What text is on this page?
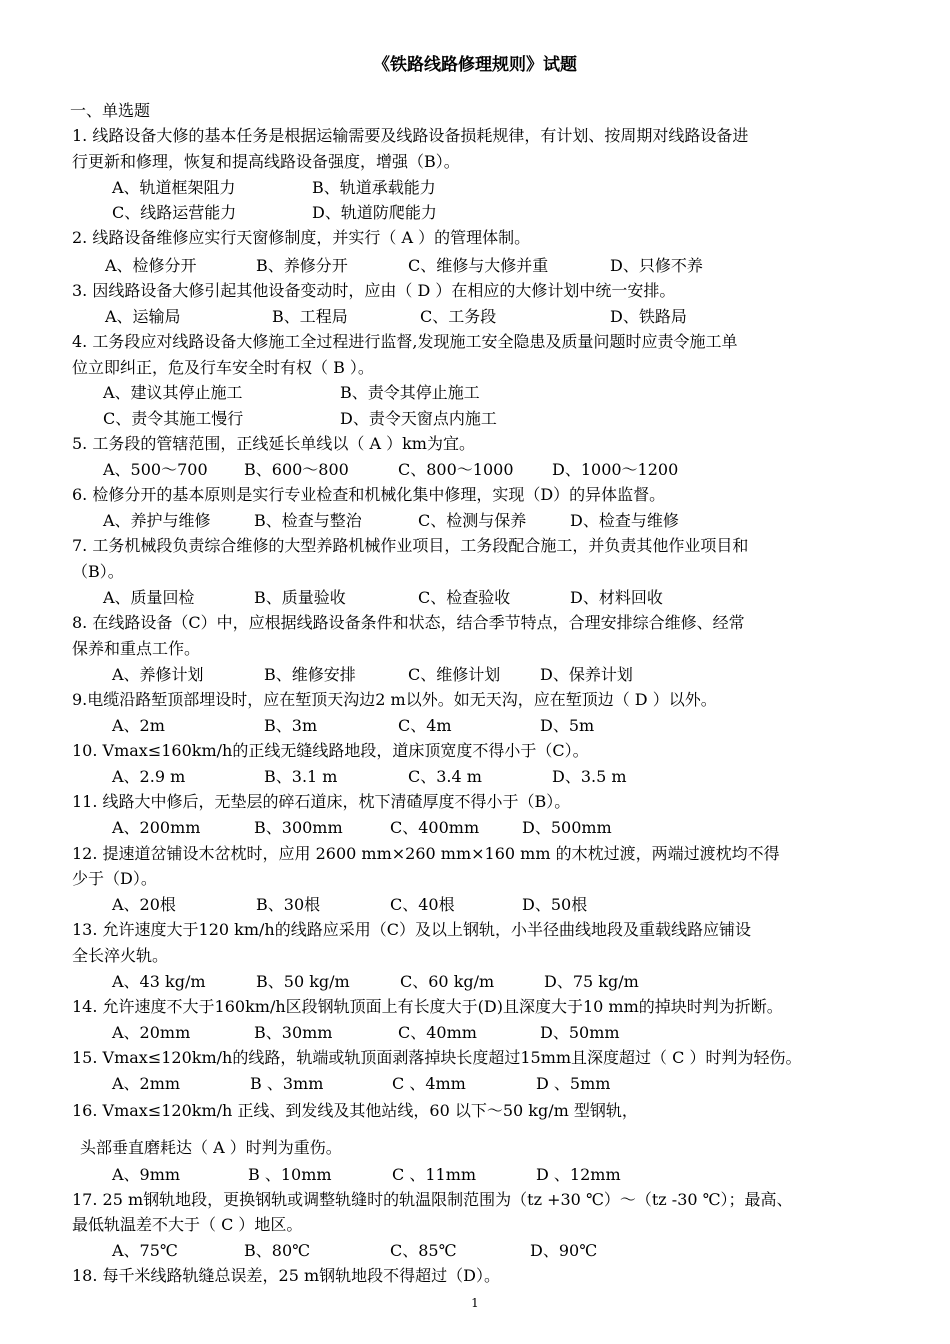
《铁路线路修理规则》试题
一、单选题
1. 线路设备大修的基本任务是根据运输需要及线路设备损耗规律，有计划、按周期对线路设备进
行更新和修理，恢复和提高线路设备强度，增强（B）。
A、轨道框架阻力	B、轨道承载能力
C、线路运营能力	D、轨道防爬能力
2. 线路设备维修应实行天窗修制度，并实行（ A ）的管理体制。
A、检修分开	B、养修分开	C、维修与大修并重	D、只修不养
3. 因线路设备大修引起其他设备变动时，应由（ D ）在相应的大修计划中统一安排。
A、运输局	B、工程局	C、工务段	D、铁路局
4. 工务段应对线路设备大修施工全过程进行监督,发现施工安全隐患及质量问题时应责令施工单
位立即纠正，危及行车安全时有权（ B ）。
A、建议其停止施工	B、责令其停止施工
C、责令其施工慢行	D、责令天窗点内施工
5. 工务段的管辖范围，正线延长单线以（ A ）km为宜。
A、500～700 B、600～800	C、800～1000 D、1000～1200
6. 检修分开的基本原则是实行专业检查和机械化集中修理，实现（D）的异体监督。
A、养护与维修	B、检查与整治	C、检测与保养	D、检查与维修
7. 工务机械段负责综合维修的大型养路机械作业项目，工务段配合施工，并负责其他作业项目和
（B）。
A、质量回检	B、质量验收	C、检查验收	D、材料回收
8. 在线路设备（C）中，应根据线路设备条件和状态，结合季节特点，合理安排综合维修、经常
保养和重点工作。
A、养修计划	B、维修安排	C、维修计划 D、保养计划
9.电缆沿路堑顶部埋设时，应在堑顶天沟边2 m以外。如无天沟，应在堑顶边（ D ）以外。
A、2m	B、3m	C、4m	D、5m
10. Vmax≤160km/h的正线无缝线路地段，道床顶宽度不得小于（C）。
A、2.9 m	B、3.1 m	C、3.4 m	D、3.5 m
11. 线路大中修后，无垫层的碎石道床，枕下清碴厚度不得小于（B）。
A、200mm	B、300mm	C、400mm	D、500mm
12. 提速道岔铺设木岔枕时，应用 2600 mm×260 mm×160 mm 的木枕过渡，两端过渡枕均不得
少于（D）。
A、20根	B、30根	C、40根	D、50根
13. 允许速度大于120 km/h的线路应采用（C）及以上钢轨，小半径曲线地段及重载线路应铺设
全长淬火轨。
A、43 kg/m	B、50 kg/m	C、60 kg/m	D、75 kg/m
14. 允许速度不大于160km/h区段钢轨顶面上有长度大于(D)且深度大于10 mm的掉块时判为折断。
A、20mm	B、30mm	C、40mm	D、50mm
15. Vmax≤120km/h的线路，轨端或轨顶面剥落掉块长度超过15mm且深度超过（ C ）时判为轻伤。
A、2mm	B 、3mm	C 、4mm	D 、5mm
16. Vmax≤120km/h 正线、到发线及其他站线，60 以下～50 kg/m 型钢轨，
头部垂直磨耗达（ A ）时判为重伤。
A、9mm	B 、10mm	C 、11mm	D 、12mm
17. 25 m钢轨地段，更换钢轨或调整轨缝时的轨温限制范围为（tz +30 ℃）～（tz -30 ℃）；最高、
最低轨温差不大于（ C ）地区。
A、75℃	B、80℃	C、85℃	D、90℃
18. 每千米线路轨缝总误差，25 m钢轨地段不得超过（D）。
1
